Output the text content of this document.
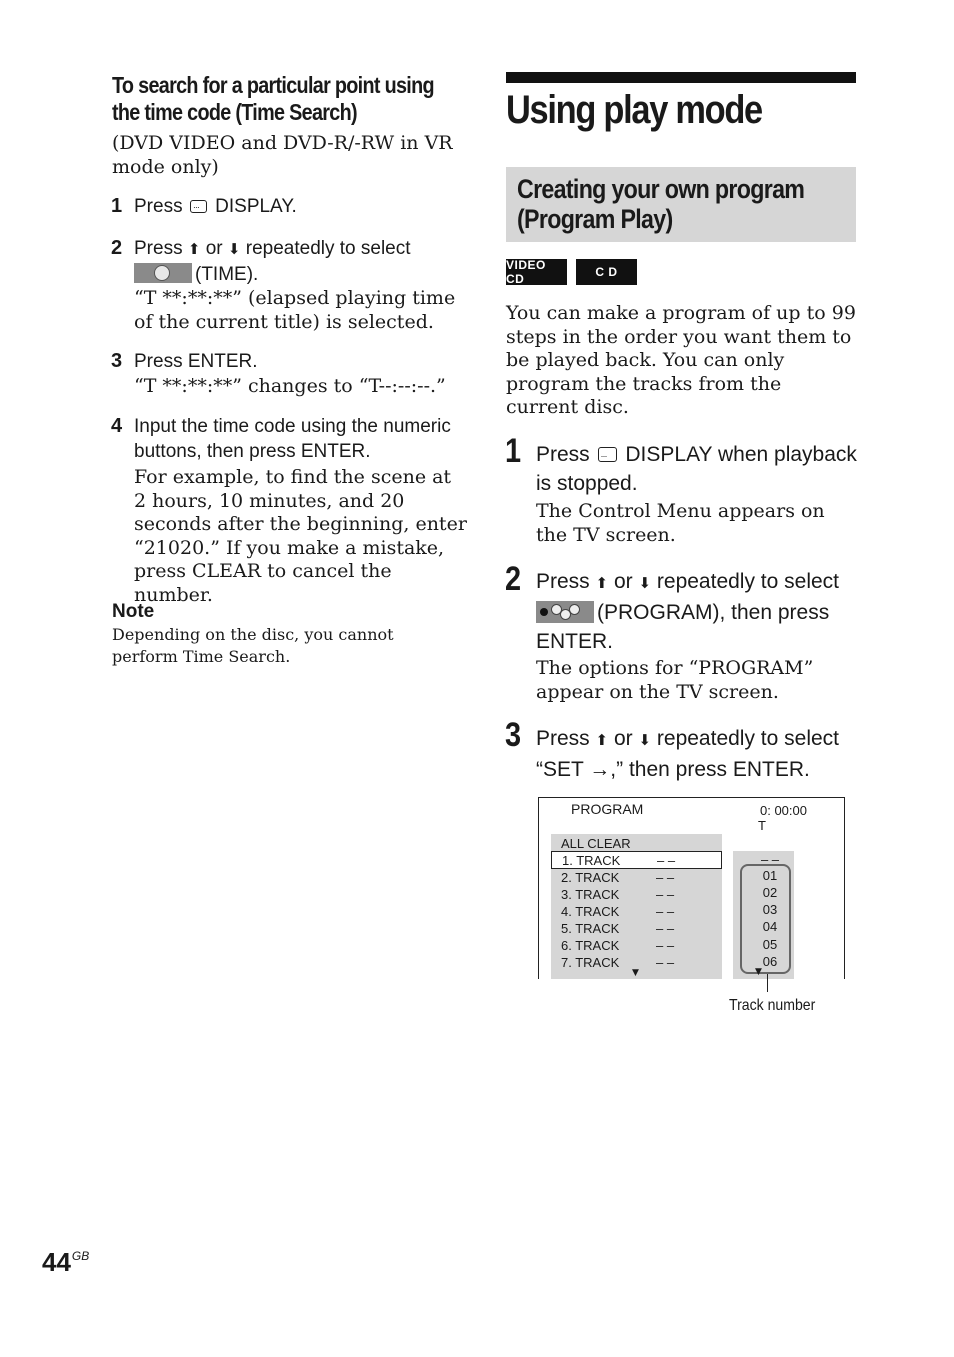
To search for a particular point using the time code (Time Search)
(DVD VIDEO and DVD-R/-RW in VR mode only)
1 Press ··· DISPLAY.
2 Press ⬆ or ⬇ repeatedly to select

(TIME).
“T **:**:**” (elapsed playing time of the current title) is selected.
3 Press ENTER.
“T **:**:**” changes to “T--:--:--.”
4 Input the time code using the numeric buttons, then press ENTER.
For example, to find the scene at 2 hours, 10 minutes, and 20 seconds after the beginning, enter “21020.” If you make a mistake, press CLEAR to cancel the number.
Note
Depending on the disc, you cannot perform Time Search.
Using play mode
Creating your own program (Program Play)
VIDEO CD	C D
You can make a program of up to 99 steps in the order you want them to be played back. You can only program the tracks from the current disc.
1 Press ··· DISPLAY when playback is stopped.
The Control Menu appears on the TV screen.
2 Press ⬆ or ⬇ repeatedly to select

(PROGRAM), then press ENTER.
The options for “PROGRAM” appear on the TV screen.
3 Press ⬆ or ⬇ repeatedly to select
“SET →,” then press ENTER.
PROGRAM	0: 00:00
T
ALL CLEAR
1. TRACK	– –
2. TRACK	– –
3. TRACK	– –
4. TRACK	– –
5. TRACK	– –
6. TRACK	– –
7. TRACK	– –
▼
– –
01
02
03
04
05
06
▼
Track number
$44^{GB}$
